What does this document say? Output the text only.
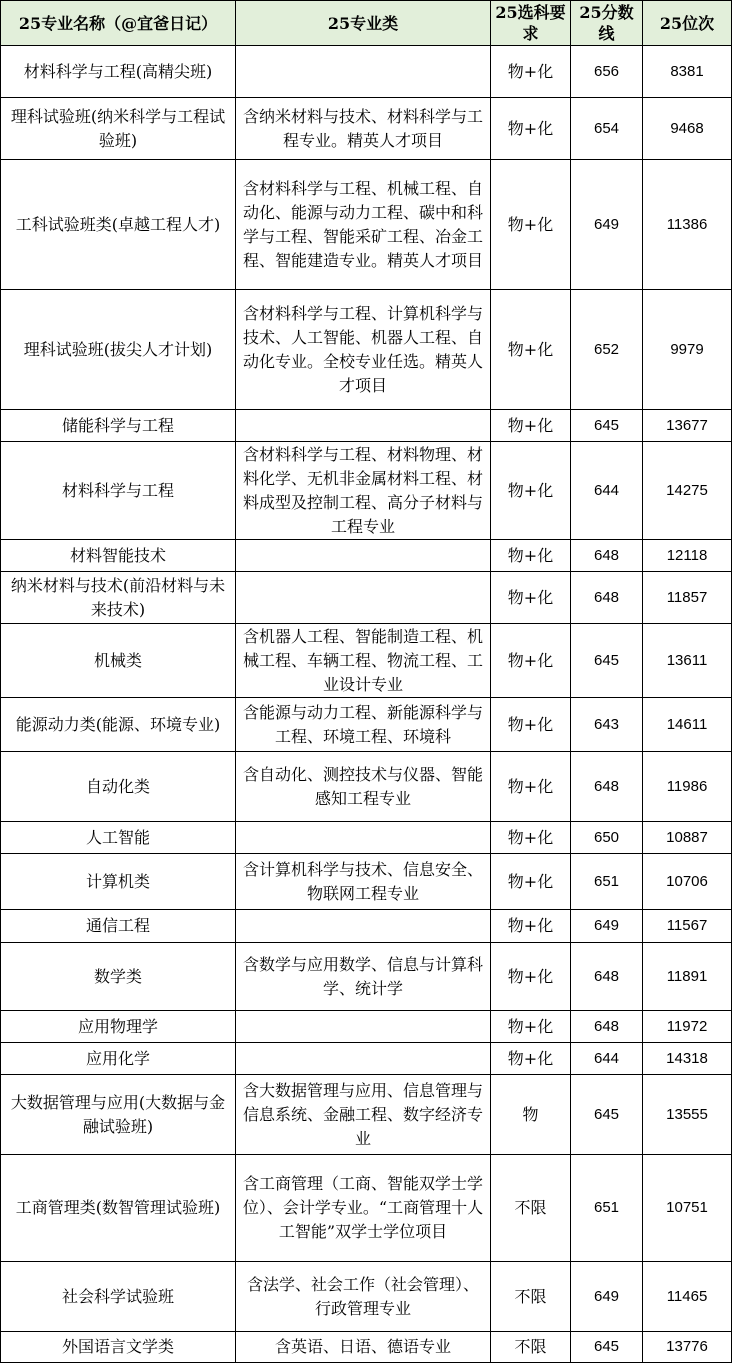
25专业名称（@宜爸日记）	25专业类	25选科要求	25分数线	25位次
材料科学与工程(高精尖班)		物+化	656	8381
理科试验班(纳米科学与工程试验班)	含纳米材料与技术、材料科学与工程专业。精英人才项目	物+化	654	9468
工科试验班类(卓越工程人才)	含材料科学与工程、机械工程、自动化、能源与动力工程、碳中和科学与工程、智能采矿工程、冶金工程、智能建造专业。精英人才项目	物+化	649	11386
理科试验班(拔尖人才计划)	含材料科学与工程、计算机科学与技术、人工智能、机器人工程、自动化专业。全校专业任选。精英人才项目	物+化	652	9979
储能科学与工程		物+化	645	13677
材料科学与工程	含材料科学与工程、材料物理、材料化学、无机非金属材料工程、材料成型及控制工程、高分子材料与工程专业	物+化	644	14275
材料智能技术		物+化	648	12118
纳米材料与技术(前沿材料与未来技术)		物+化	648	11857
机械类	含机器人工程、智能制造工程、机械工程、车辆工程、物流工程、工业设计专业	物+化	645	13611
能源动力类(能源、环境专业)	含能源与动力工程、新能源科学与工程、环境工程、环境科	物+化	643	14611
自动化类	含自动化、测控技术与仪器、智能感知工程专业	物+化	648	11986
人工智能		物+化	650	10887
计算机类	含计算机科学与技术、信息安全、物联网工程专业	物+化	651	10706
通信工程		物+化	649	11567
数学类	含数学与应用数学、信息与计算科学、统计学	物+化	648	11891
应用物理学		物+化	648	11972
应用化学		物+化	644	14318
大数据管理与应用(大数据与金融试验班)	含大数据管理与应用、信息管理与信息系统、金融工程、数字经济专业	物	645	13555
工商管理类(数智管理试验班)	含工商管理（工商、智能双学士学位）、会计学专业。“工商管理十人工智能”双学士学位项目	不限	651	10751
社会科学试验班	含法学、社会工作（社会管理）、行政管理专业	不限	649	11465
外国语言文学类	含英语、日语、德语专业	不限	645	13776
